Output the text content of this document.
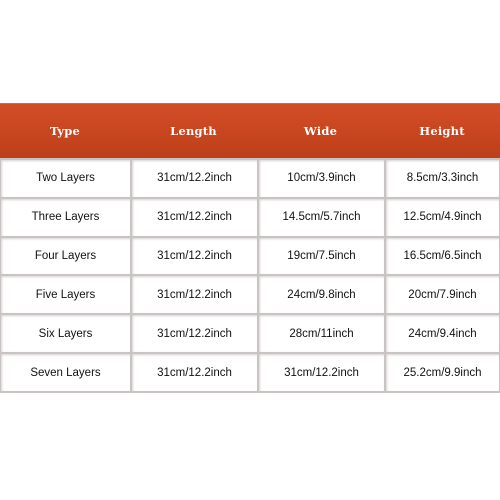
Type	Length	Wide	Height
Two Layers	31cm/12.2inch	10cm/3.9inch	8.5cm/3.3inch
Three Layers	31cm/12.2inch	14.5cm/5.7inch	12.5cm/4.9inch
Four Layers	31cm/12.2inch	19cm/7.5inch	16.5cm/6.5inch
Five Layers	31cm/12.2inch	24cm/9.8inch	20cm/7.9inch
Six Layers	31cm/12.2inch	28cm/11inch	24cm/9.4inch
Seven Layers	31cm/12.2inch	31cm/12.2inch	25.2cm/9.9inch
